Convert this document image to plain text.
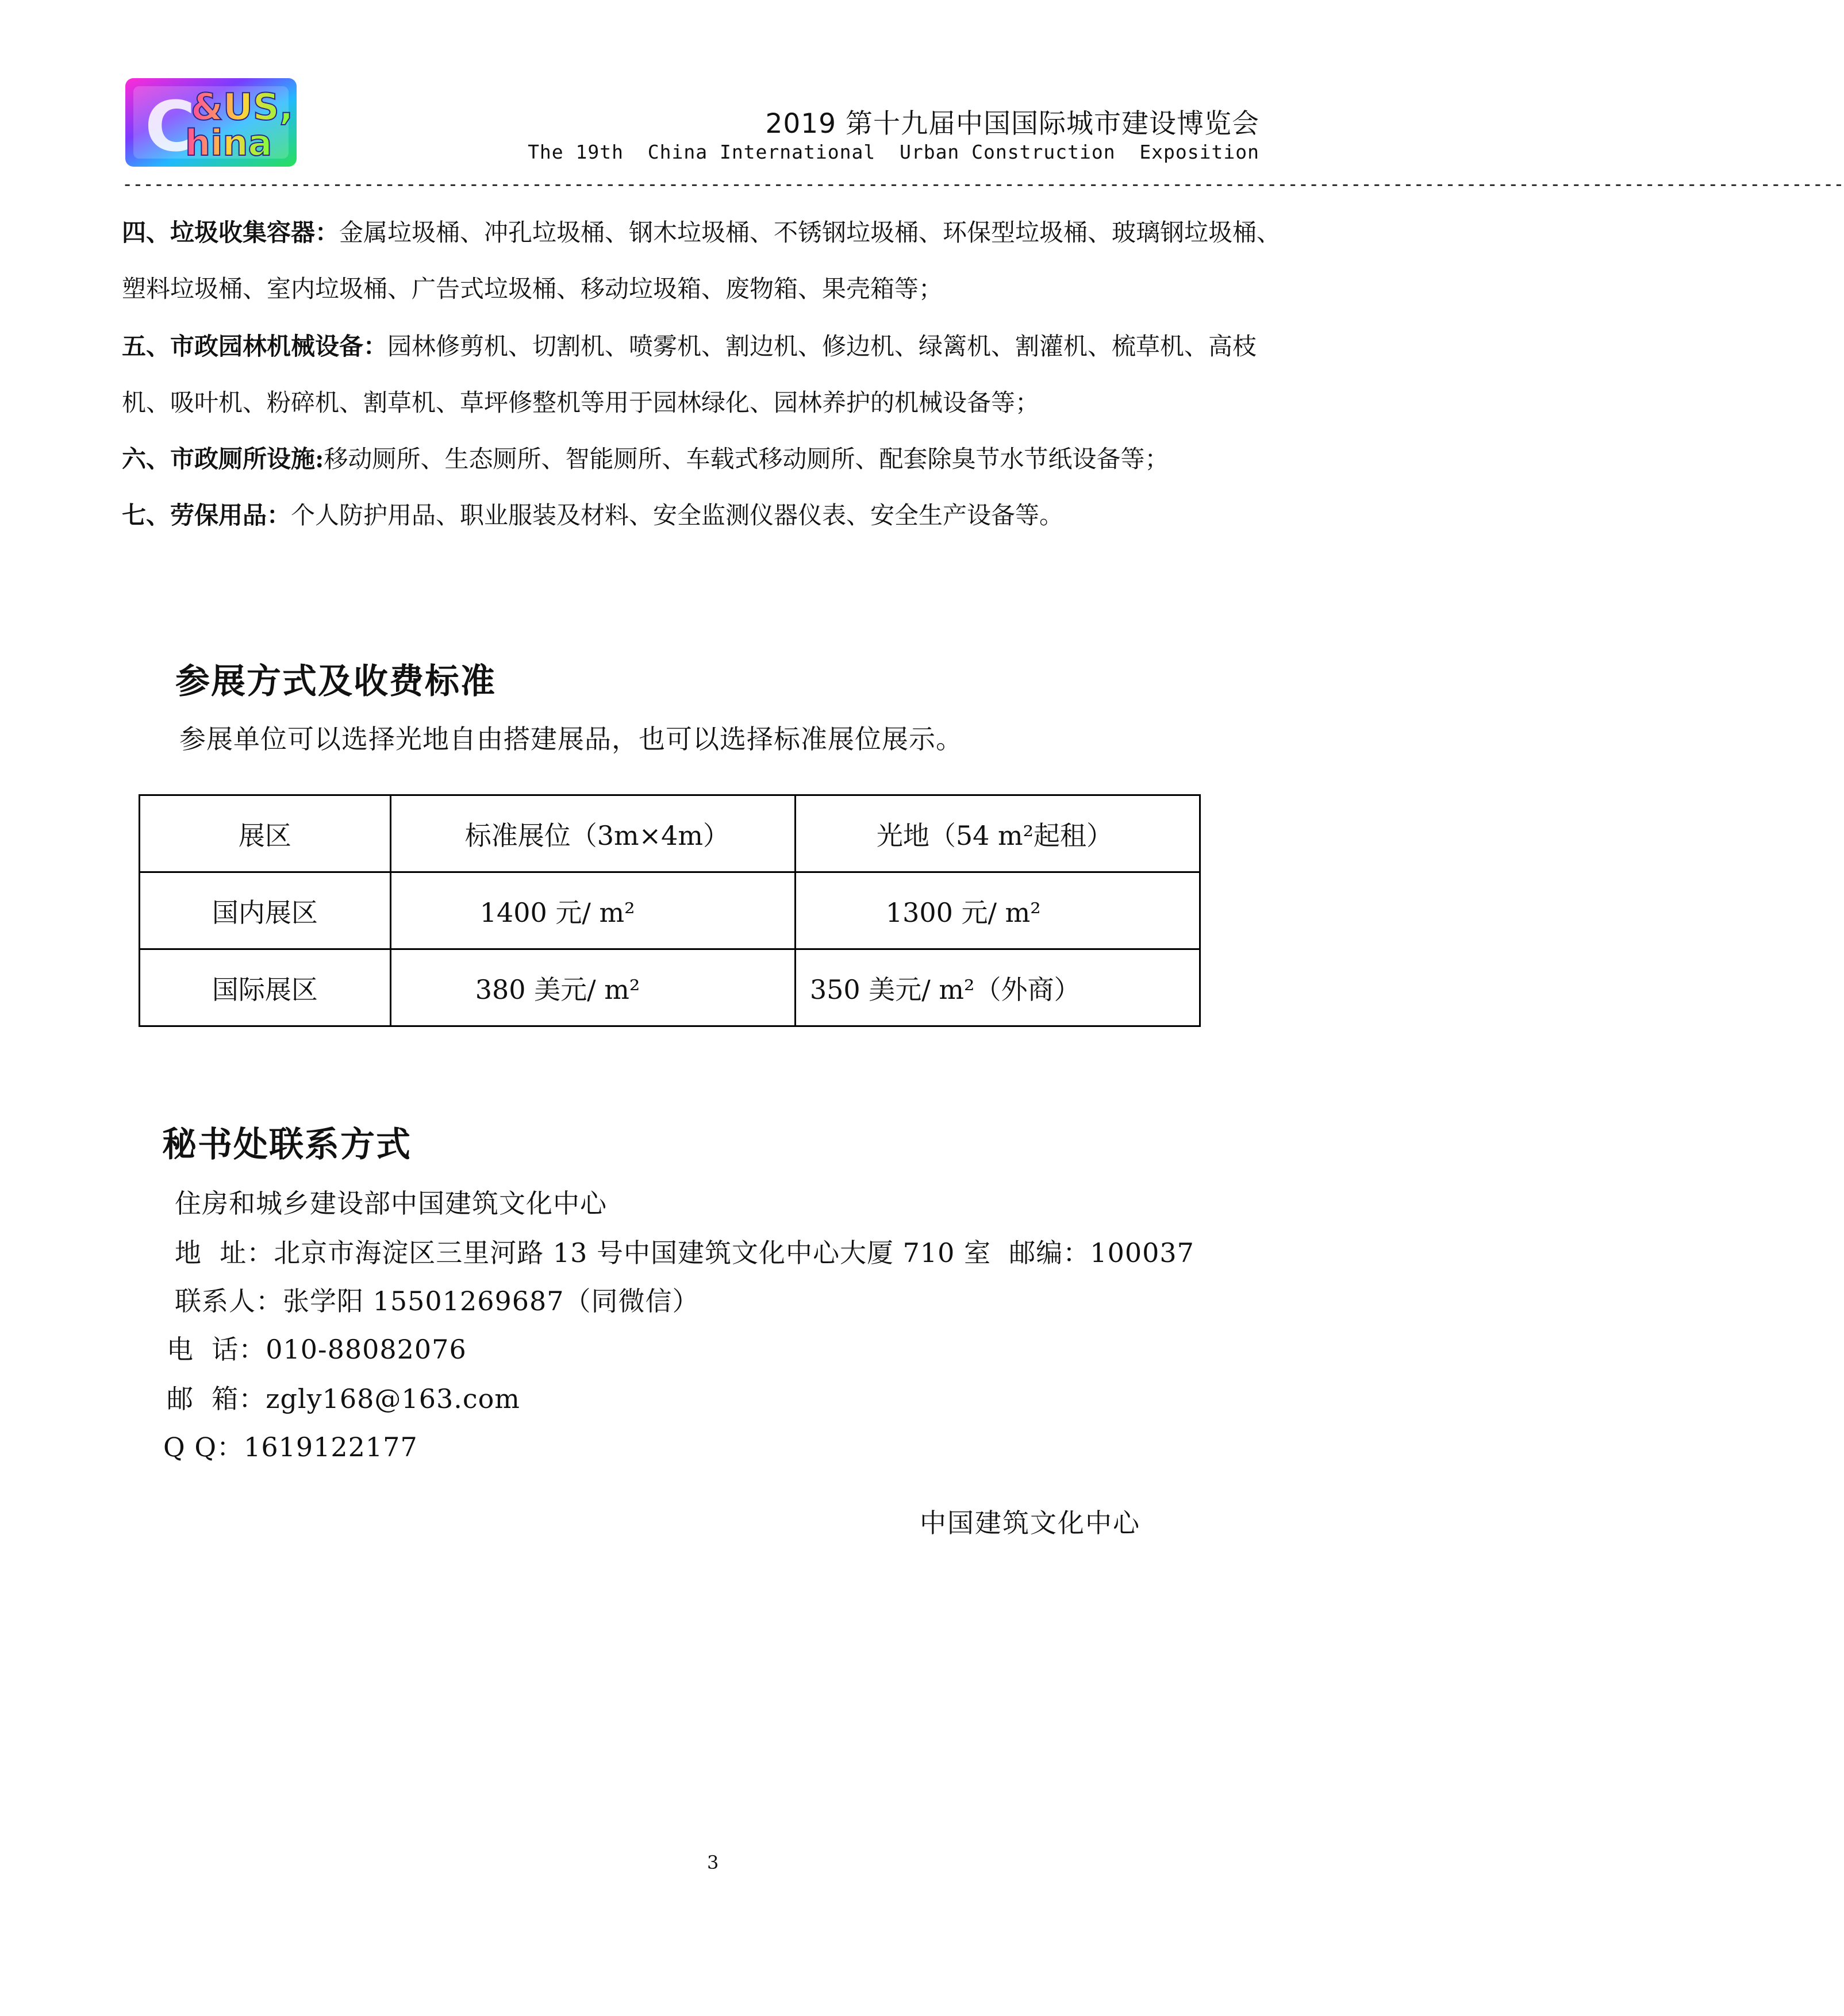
C
&US,
hina	2019 第十九届中国国际城市建设博览会
The 19th  China International  Urban Construction  Exposition
--------------------------------------------------------------------------------------------------------------------------------------------------------------------
四、垃圾收集容器：金属垃圾桶、冲孔垃圾桶、钢木垃圾桶、不锈钢垃圾桶、环保型垃圾桶、玻璃钢垃圾桶、
塑料垃圾桶、室内垃圾桶、广告式垃圾桶、移动垃圾箱、废物箱、果壳箱等；
五、市政园林机械设备：园林修剪机、切割机、喷雾机、割边机、修边机、绿篱机、割灌机、梳草机、高枝
机、吸叶机、粉碎机、割草机、草坪修整机等用于园林绿化、园林养护的机械设备等；
六、市政厕所设施:移动厕所、生态厕所、智能厕所、车载式移动厕所、配套除臭节水节纸设备等；
七、劳保用品：个人防护用品、职业服装及材料、安全监测仪器仪表、安全生产设备等。
参展方式及收费标准
参展单位可以选择光地自由搭建展品，也可以选择标准展位展示。
展区	标准展位（3m×4m）	光地（54 m²起租）

国内展区	1400 元/ m²	1300 元/ m²

国际展区	380 美元/ m²	350 美元/ m²（外商）
秘书处联系方式
住房和城乡建设部中国建筑文化中心
地  址：北京市海淀区三里河路 13 号中国建筑文化中心大厦 710 室  邮编：100037
联系人：张学阳 15501269687（同微信）
电  话：010-88082076
邮  箱：zgly168@163.com
Q Q：1619122177
中国建筑文化中心
3
